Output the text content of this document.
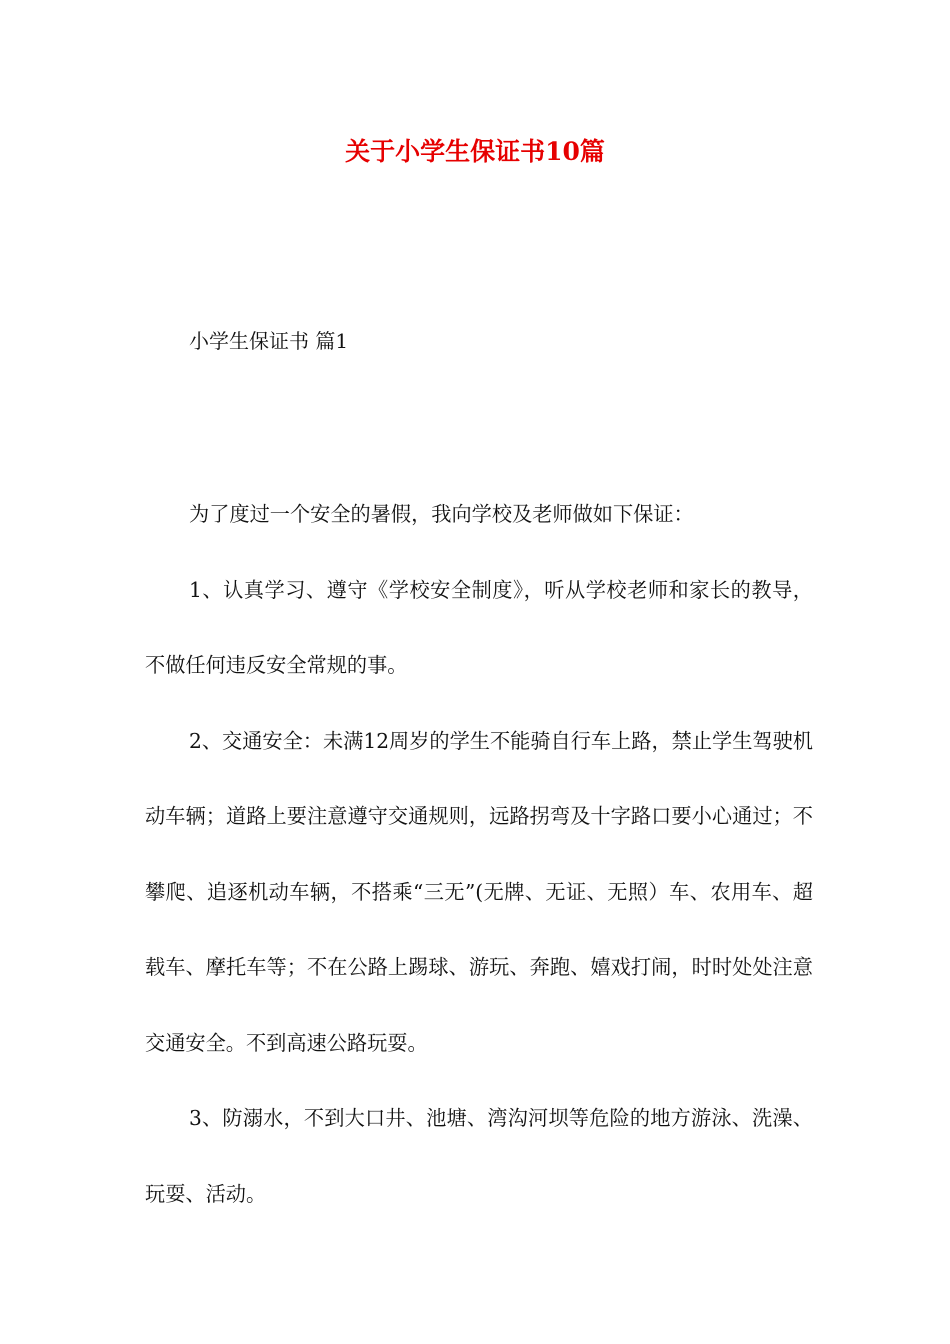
关于小学生保证书10篇

小学生保证书 篇1

为了度过一个安全的暑假，我向学校及老师做如下保证：

1、认真学习、遵守《学校安全制度》，听从学校老师和家长的教导，不做任何违反安全常规的事。

2、交通安全：未满12周岁的学生不能骑自行车上路，禁止学生驾驶机动车辆；道路上要注意遵守交通规则，远路拐弯及十字路口要小心通过；不攀爬、追逐机动车辆，不搭乘“三无”(无牌、无证、无照）车、农用车、超载车、摩托车等；不在公路上踢球、游玩、奔跑、嬉戏打闹，时时处处注意交通安全。不到高速公路玩耍。

3、防溺水，不到大口井、池塘、湾沟河坝等危险的地方游泳、洗澡、玩耍、活动。
